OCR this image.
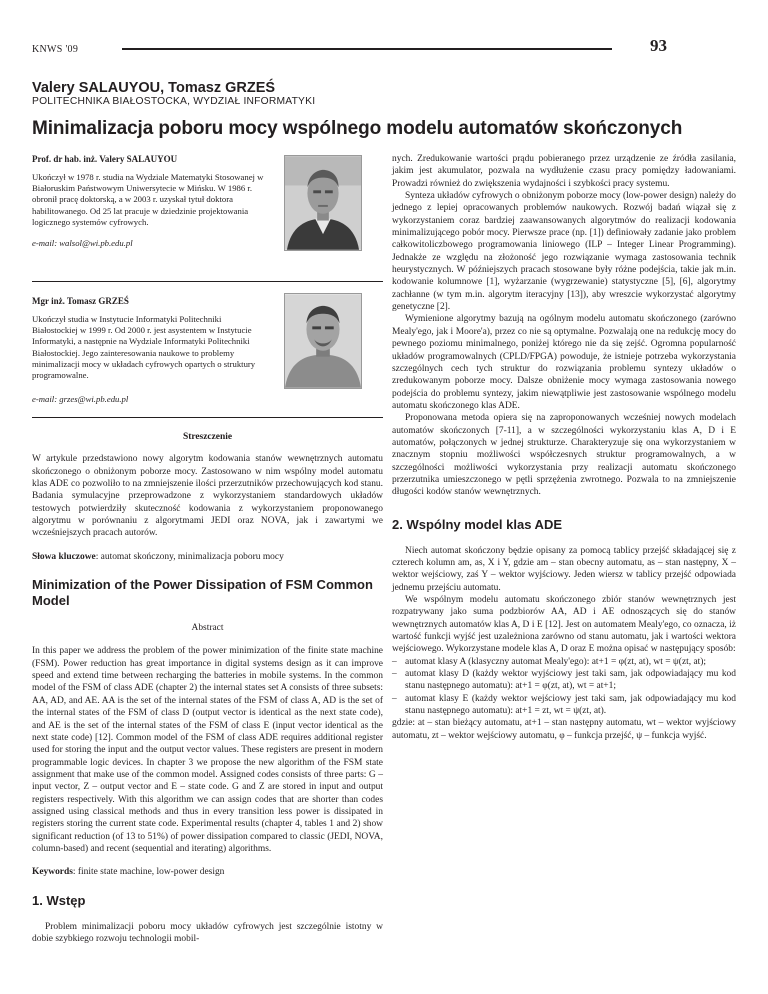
KNWS '09	93
Valery SALAUYOU, Tomasz GRZEŚ
POLITECHNIKA BIAŁOSTOCKA, WYDZIAŁ INFORMATYKI
Minimalizacja poboru mocy wspólnego modelu automatów skończonych
Prof. dr hab. inż. Valery SALAUYOU
Ukończył w 1978 r. studia na Wydziale Matematyki Stosowanej w Białoruskim Państwowym Uniwersytecie w Mińsku. W 1986 r. obronił pracę doktorską, a w 2003 r. uzyskał tytuł doktora habilitowanego. Od 25 lat pracuje w dziedzinie projektowania logicznego systemów cyfrowych.
e-mail: walsol@wi.pb.edu.pl
Mgr inż. Tomasz GRZEŚ
Ukończył studia w Instytucie Informatyki Politechniki Białostockiej w 1999 r. Od 2000 r. jest asystentem w Instytucie Informatyki, a następnie na Wydziale Informatyki Politechniki Białostockiej. Jego zainteresowania naukowe to problemy minimalizacji mocy w układach cyfrowych opartych o struktury programowalne.
e-mail: grzes@wi.pb.edu.pl
Streszczenie

W artykule przedstawiono nowy algorytm kodowania stanów wewnętrznych automatu skończonego o obniżonym poborze mocy. Zastosowano w nim wspólny model automatu klas ADE co pozwoliło to na zmniejszenie ilości przerzutników przechowujących kod stanu. Badania symulacyjne przeprowadzone z wykorzystaniem standardowych układów testowych potwierdziły skuteczność kodowania z wykorzystaniem proponowanego algorytmu w porównaniu z algorytmami JEDI oraz NOVA, jak i zawartymi we wcześniejszych pracach autorów.

Słowa kluczowe: automat skończony, minimalizacja poboru mocy

Minimization of the Power Dissipation of FSM Common Model
Abstract

In this paper we address the problem of the power minimization of the finite state machine (FSM). Power reduction has great importance in digital systems design as it can improve speed and extend time between recharging the batteries in mobile systems. In the common model of the FSM of class ADE (chapter 2) the internal states set A consists of three subsets: AA, AD, and AE. AA is the set of the internal states of the FSM of class A, AD is the set of the internal states of the FSM of class D (output vector is identical as the next state code), and AE is the set of the internal states of the FSM of class E (input vector identical as the next state code) [12]. Common model of the FSM of class ADE requires additional register used for storing the input and the output vector values. These registers are present in modern programmable logic devices. In chapter 3 we propose the new algorithm of the FSM state assignment that make use of the common model. Assigned codes consists of three parts: G – input vector, Z – output vector and E – state code. G and Z are stored in input and output registers respectively. With this algorithm we can assign codes that are shorter than codes assigned using classical methods and thus in every transition less power is dissipated in registers storing the current state code. Experimental results (chapter 4, tables 1 and 2) show significant reduction (of 13 to 51%) of power dissipation compared to classic (JEDI, NOVA, column-based) and recent (sequential and iterating) algorithms.

Keywords: finite state machine, low-power design

1. Wstęp

Problem minimalizacji poboru mocy układów cyfrowych jest szczególnie istotny w dobie szybkiego rozwoju technologii mobil-

nych. Zredukowanie wartości prądu pobieranego przez urządzenie ze źródła zasilania, jakim jest akumulator, pozwala na wydłużenie czasu pracy pomiędzy ładowaniami. Prowadzi również do zwiększenia wydajności i szybkości pracy systemu.

Synteza układów cyfrowych o obniżonym poborze mocy (low-power design) należy do jednego z lepiej opracowanych problemów naukowych. Rozwój badań wiązał się z wykorzystaniem coraz bardziej zaawansowanych algorytmów do realizacji kodowania minimalizującego pobór mocy. Pierwsze prace (np. [1]) definiowały zadanie jako problem całkowitoliczbowego programowania liniowego (ILP – Integer Linear Programming). Jednakże ze względu na złożoność jego rozwiązanie wymaga zastosowania technik heurystycznych. W późniejszych pracach stosowane były różne podejścia, takie jak m.in. kodowanie kolumnowe [1], wyżarzanie (wygrzewanie) statystyczne [5], [6], algorytmy zachłanne (w tym m.in. algorytm iteracyjny [13]), aby wreszcie wykorzystać algorytmy genetyczne [2].

Wymienione algorytmy bazują na ogólnym modelu automatu skończonego (zarówno Mealy'ego, jak i Moore'a), przez co nie są optymalne. Pozwalają one na redukcję mocy do pewnego poziomu minimalnego, poniżej którego nie da się zejść. Ogromna popularność układów programowalnych (CPLD/FPGA) powoduje, że istnieje potrzeba wykorzystania szczególnych cech tych struktur do rozwiązania problemu syntezy układów o zredukowanym poborze mocy. Dalsze obniżenie mocy wymaga zastosowania nowego podejścia do problemu syntezy, jakim niewątpliwie jest zastosowanie wspólnego modelu automatu skończonego klas ADE.

Proponowana metoda opiera się na zaproponowanych wcześniej nowych modelach automatów skończonych [7-11], a w szczególności wykorzystaniu klas A, D i E automatów, połączonych w jednej strukturze. Charakteryzuje się ona wykorzystaniem w znacznym stopniu możliwości współczesnych struktur programowalnych, a w szczególności możliwości wykorzystania przy realizacji automatu skończonego przerzutnika umieszczonego w pętli sprzężenia zwrotnego. Pozwala to na zmniejszenie długości kodów stanów wewnętrznych.

2. Wspólny model klas ADE

Niech automat skończony będzie opisany za pomocą tablicy przejść składającej się z czterech kolumn am, as, X i Y, gdzie am – stan obecny automatu, as – stan następny, X – wektor wejściowy, zaś Y – wektor wyjściowy. Jeden wiersz w tablicy przejść odpowiada jednemu przejściu automatu.

We wspólnym modelu automatu skończonego zbiór stanów wewnętrznych jest rozpatrywany jako suma podzbiorów AA, AD i AE odnoszących się do stanów wewnętrznych automatów klas A, D i E [12]. Jest on automatem Mealy'ego, co oznacza, iż wartość funkcji wyjść jest uzależniona zarówno od stanu automatu, jak i wartości wektora wejściowego. Wykorzystane modele klas A, D oraz E można opisać w następujący sposób:

– automat klasy A (klasyczny automat Mealy'ego): at+1 = φ(zt, at), wt = ψ(zt, at);
– automat klasy D (każdy wektor wyjściowy jest taki sam, jak odpowiadający mu kod stanu następnego automatu): at+1 = φ(zt, at), wt = at+1;
– automat klasy E (każdy wektor wejściowy jest taki sam, jak odpowiadający mu kod stanu następnego automatu): at+1 = zt, wt = ψ(zt, at).

gdzie: at – stan bieżący automatu, at+1 – stan następny automatu, wt – wektor wyjściowy automatu, zt – wektor wejściowy automatu, φ – funkcja przejść, ψ – funkcja wyjść.
